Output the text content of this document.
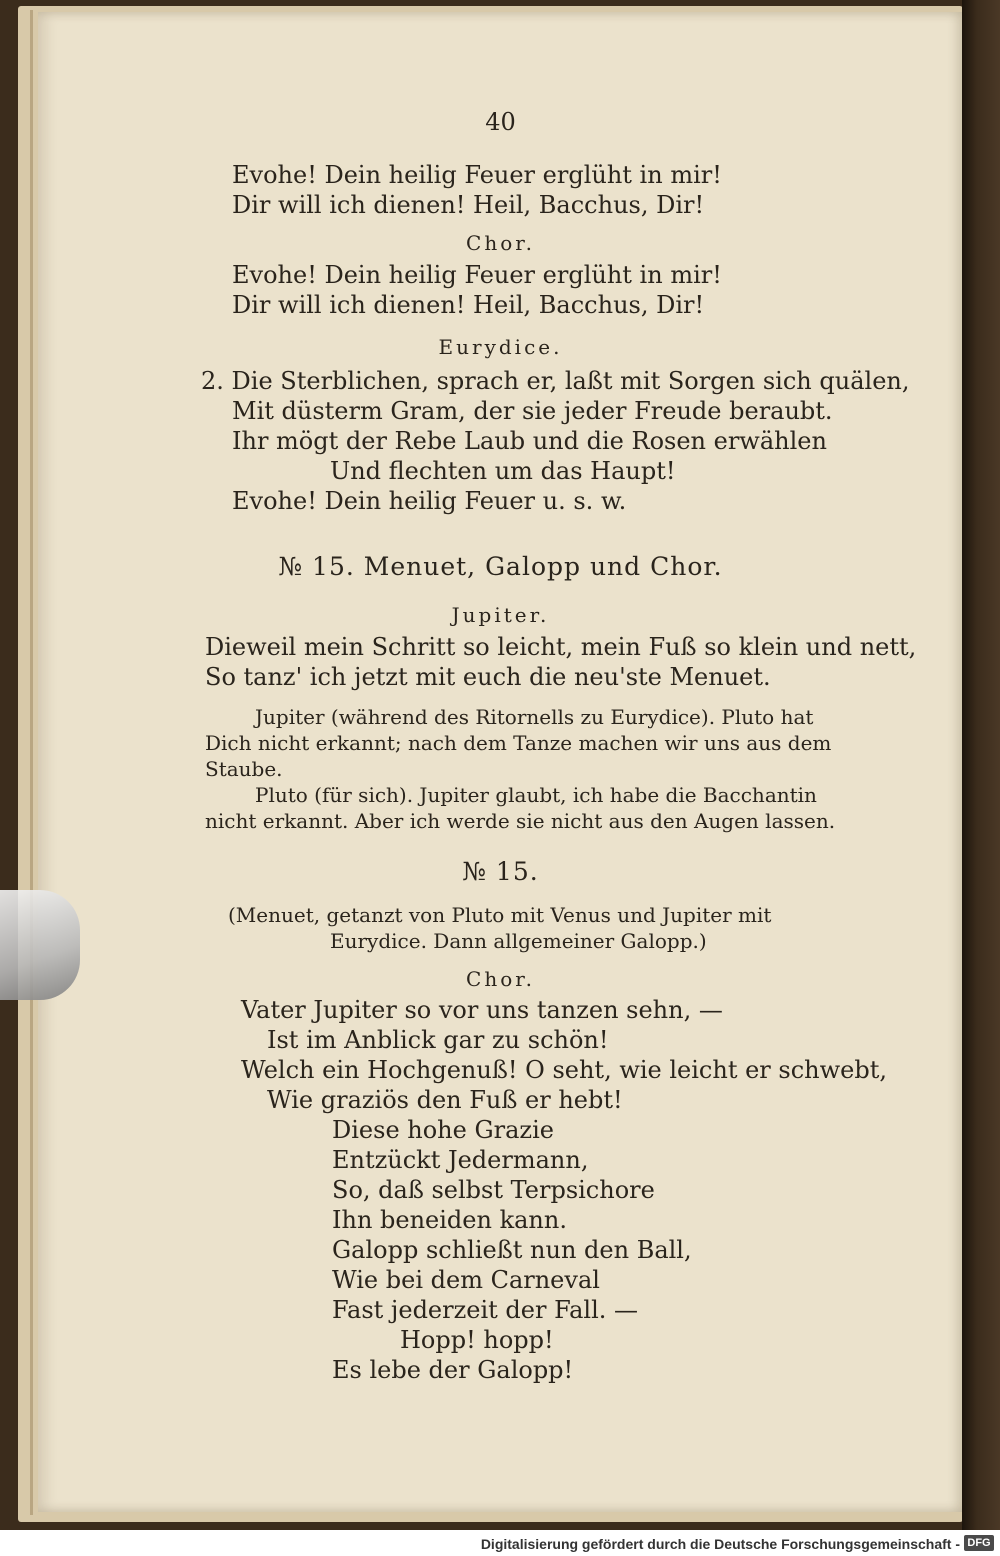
40
Evohe! Dein heilig Feuer erglüht in mir!
Dir will ich dienen! Heil, Bacchus, Dir!
Chor.
Evohe! Dein heilig Feuer erglüht in mir!
Dir will ich dienen! Heil, Bacchus, Dir!
Eurydice.
2. Die Sterblichen, sprach er, laßt mit Sorgen sich quälen,
Mit düsterm Gram, der sie jeder Freude beraubt.
Ihr mögt der Rebe Laub und die Rosen erwählen
Und flechten um das Haupt!
Evohe! Dein heilig Feuer u. s. w.
№ 15. Menuet, Galopp und Chor.
Jupiter.
Dieweil mein Schritt so leicht, mein Fuß so klein und nett,
So tanz' ich jetzt mit euch die neu'ste Menuet.
Jupiter (während des Ritornells zu Eurydice). Pluto hat
Dich nicht erkannt; nach dem Tanze machen wir uns aus dem
Staube.
Pluto (für sich). Jupiter glaubt, ich habe die Bacchantin
nicht erkannt. Aber ich werde sie nicht aus den Augen lassen.
№ 15.
(Menuet, getanzt von Pluto mit Venus und Jupiter mit
Eurydice. Dann allgemeiner Galopp.)
Chor.
Vater Jupiter so vor uns tanzen sehn, —
Ist im Anblick gar zu schön!
Welch ein Hochgenuß! O seht, wie leicht er schwebt,
Wie graziös den Fuß er hebt!
Diese hohe Grazie
Entzückt Jedermann,
So, daß selbst Terpsichore
Ihn beneiden kann.
Galopp schließt nun den Ball,
Wie bei dem Carneval
Fast jederzeit der Fall. —
Hopp! hopp!
Es lebe der Galopp!
Digitalisierung gefördert durch die Deutsche Forschungsgemeinschaft - DFG
